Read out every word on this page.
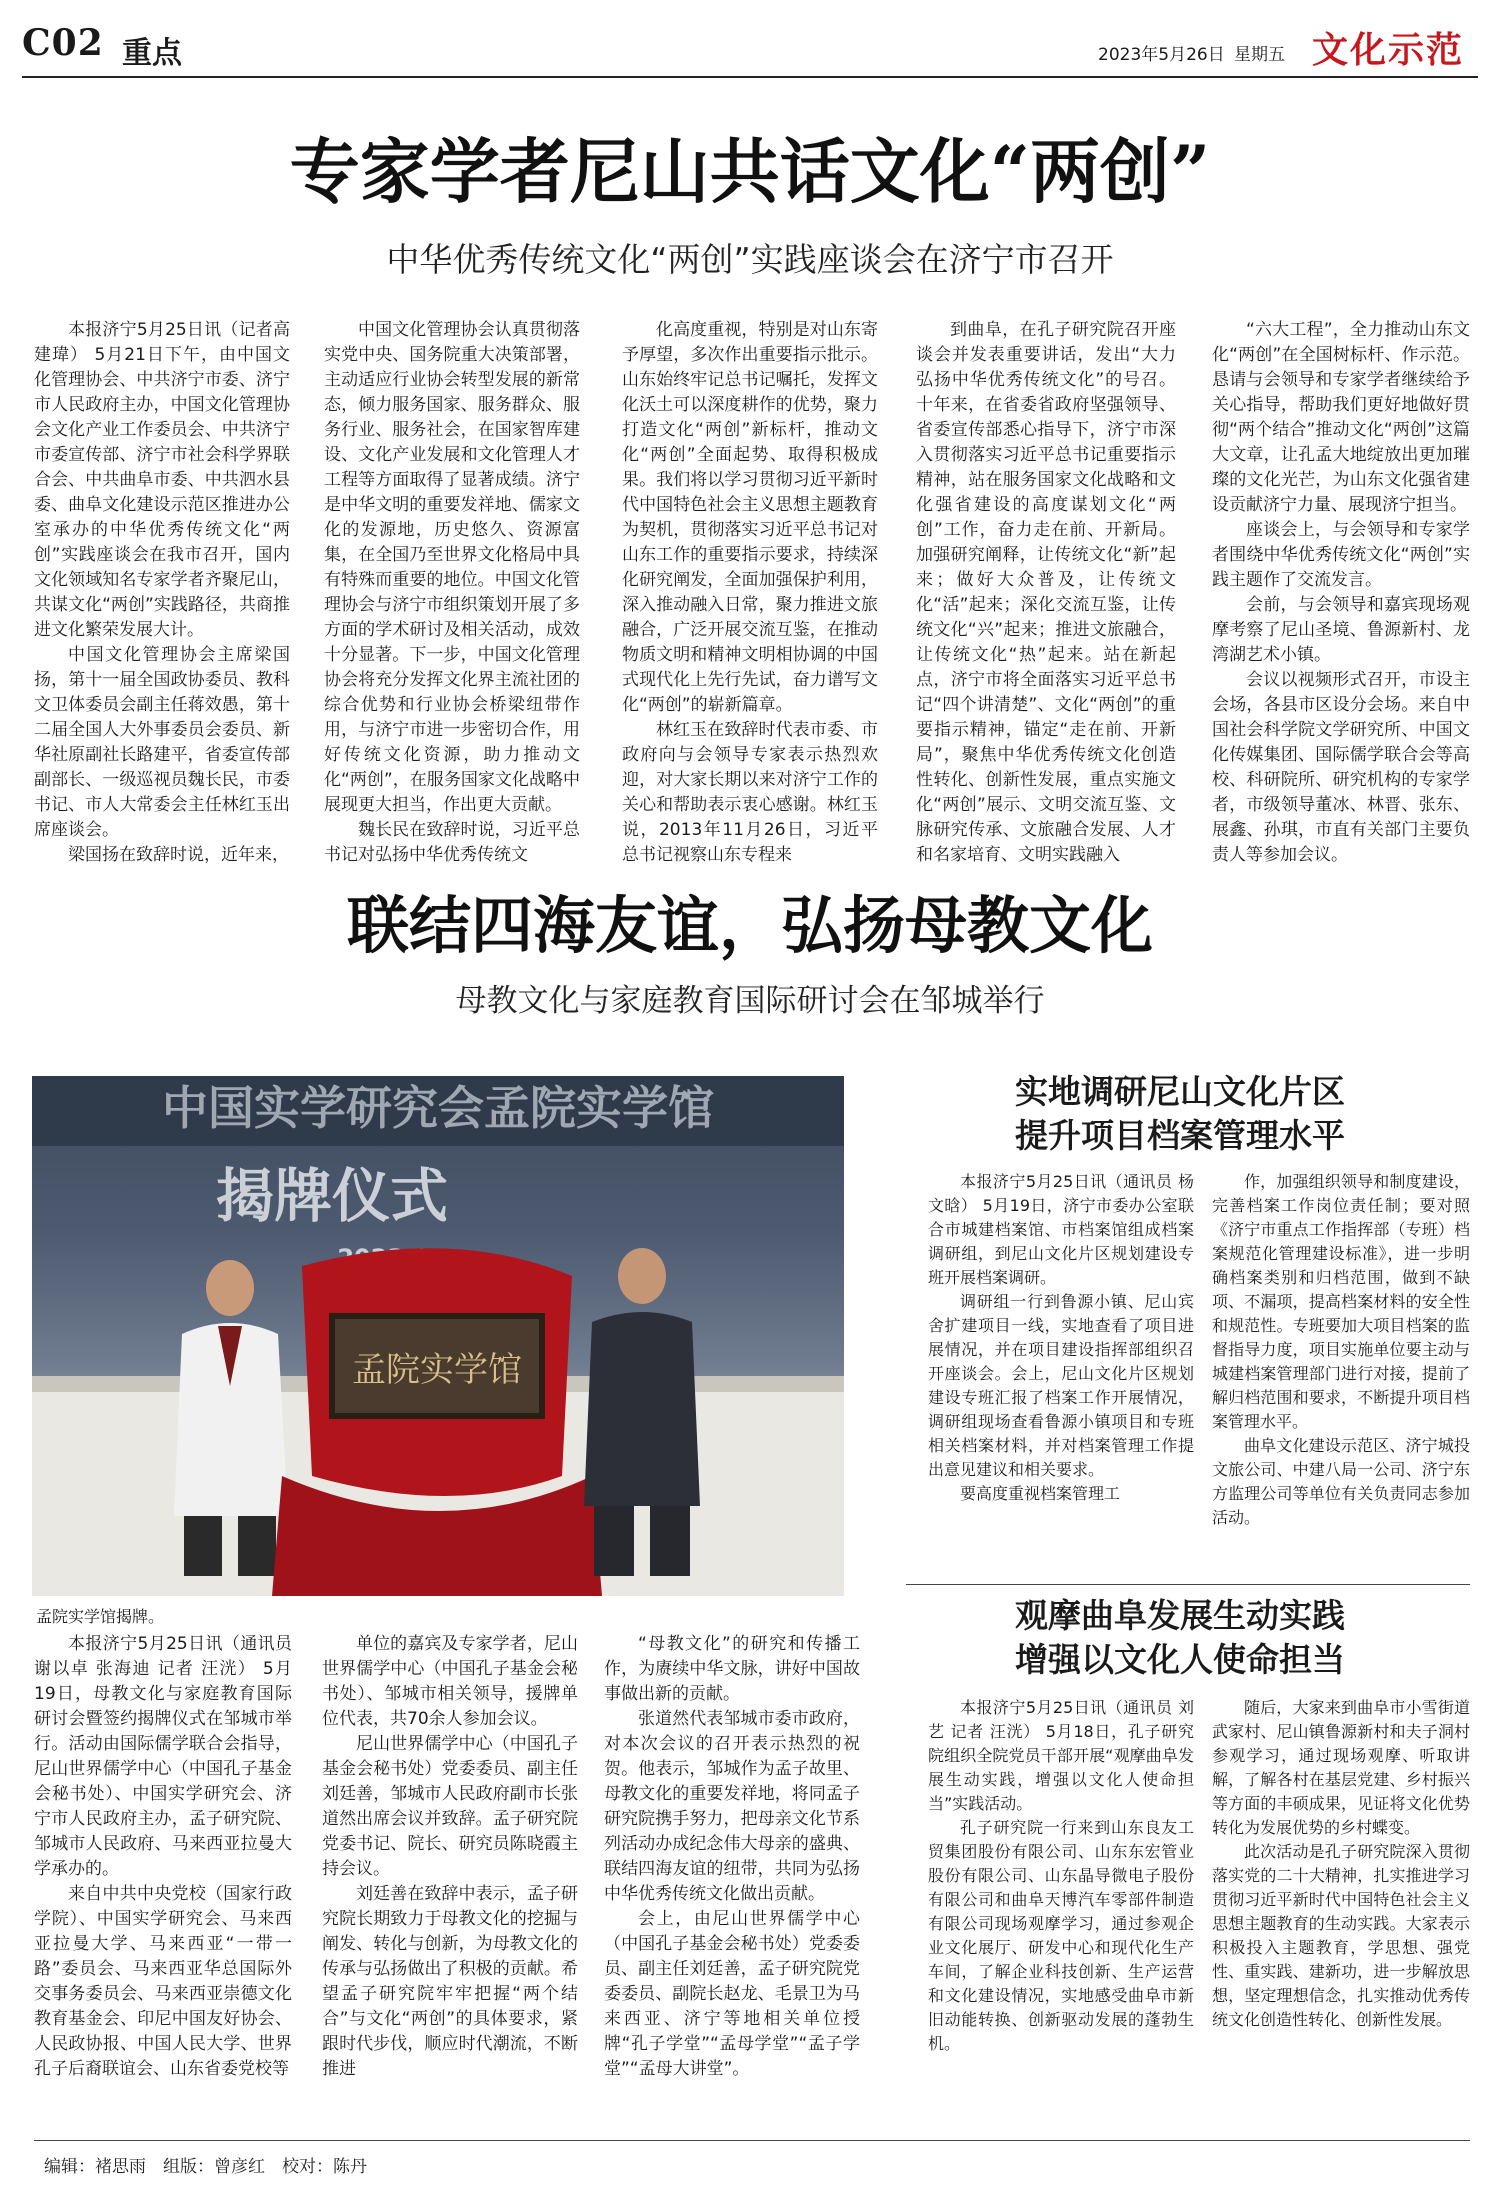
C02 重点	2023年5月26日 星期五 文化示范
专家学者尼山共话文化“两创”
中华优秀传统文化“两创”实践座谈会在济宁市召开

本报济宁5月25日讯（记者高建瑋） 5月21日下午，由中国文化管理协会、中共济宁市委、济宁市人民政府主办，中国文化管理协会文化产业工作委员会、中共济宁市委宣传部、济宁市社会科学界联合会、中共曲阜市委、中共泗水县委、曲阜文化建设示范区推进办公室承办的中华优秀传统文化“两创”实践座谈会在我市召开，国内文化领域知名专家学者齐聚尼山，共谋文化“两创”实践路径，共商推进文化繁荣发展大计。

中国文化管理协会主席梁国扬，第十一届全国政协委员、教科文卫体委员会副主任蒋效愚，第十二届全国人大外事委员会委员、新华社原副社长路建平，省委宣传部副部长、一级巡视员魏长民，市委书记、市人大常委会主任林红玉出席座谈会。

梁国扬在致辞时说，近年来，

中国文化管理协会认真贯彻落实党中央、国务院重大决策部署，主动适应行业协会转型发展的新常态，倾力服务国家、服务群众、服务行业、服务社会，在国家智库建设、文化产业发展和文化管理人才工程等方面取得了显著成绩。济宁是中华文明的重要发祥地、儒家文化的发源地，历史悠久、资源富集，在全国乃至世界文化格局中具有特殊而重要的地位。中国文化管理协会与济宁市组织策划开展了多方面的学术研讨及相关活动，成效十分显著。下一步，中国文化管理协会将充分发挥文化界主流社团的综合优势和行业协会桥梁纽带作用，与济宁市进一步密切合作，用好传统文化资源，助力推动文化“两创”，在服务国家文化战略中展现更大担当，作出更大贡献。

魏长民在致辞时说，习近平总书记对弘扬中华优秀传统文

化高度重视，特别是对山东寄予厚望，多次作出重要指示批示。山东始终牢记总书记嘱托，发挥文化沃土可以深度耕作的优势，聚力打造文化“两创”新标杆，推动文化“两创”全面起势、取得积极成果。我们将以学习贯彻习近平新时代中国特色社会主义思想主题教育为契机，贯彻落实习近平总书记对山东工作的重要指示要求，持续深化研究阐发，全面加强保护利用，深入推动融入日常，聚力推进文旅融合，广泛开展交流互鉴，在推动物质文明和精神文明相协调的中国式现代化上先行先试，奋力谱写文化“两创”的崭新篇章。

林红玉在致辞时代表市委、市政府向与会领导专家表示热烈欢迎，对大家长期以来对济宁工作的关心和帮助表示衷心感谢。林红玉说，2013年11月26日，习近平总书记视察山东专程来

到曲阜，在孔子研究院召开座谈会并发表重要讲话，发出“大力弘扬中华优秀传统文化”的号召。十年来，在省委省政府坚强领导、省委宣传部悉心指导下，济宁市深入贯彻落实习近平总书记重要指示精神，站在服务国家文化战略和文化强省建设的高度谋划文化“两创”工作，奋力走在前、开新局。加强研究阐释，让传统文化“新”起来；做好大众普及，让传统文化“活”起来；深化交流互鉴，让传统文化“兴”起来；推进文旅融合，让传统文化“热”起来。站在新起点，济宁市将全面落实习近平总书记“四个讲清楚”、文化“两创”的重要指示精神，锚定“走在前、开新局”，聚焦中华优秀传统文化创造性转化、创新性发展，重点实施文化“两创”展示、文明交流互鉴、文脉研究传承、文旅融合发展、人才和名家培育、文明实践融入

“六大工程”，全力推动山东文化“两创”在全国树标杆、作示范。恳请与会领导和专家学者继续给予关心指导，帮助我们更好地做好贯彻“两个结合”推动文化“两创”这篇大文章，让孔孟大地绽放出更加璀璨的文化光芒，为山东文化强省建设贡献济宁力量、展现济宁担当。

座谈会上，与会领导和专家学者围绕中华优秀传统文化“两创”实践主题作了交流发言。

会前，与会领导和嘉宾现场观摩考察了尼山圣境、鲁源新村、龙湾湖艺术小镇。

会议以视频形式召开，市设主会场，各县市区设分会场。来自中国社会科学院文学研究所、中国文化传媒集团、国际儒学联合会等高校、科研院所、研究机构的专家学者，市级领导董冰、林晋、张东、展鑫、孙琪，市直有关部门主要负责人等参加会议。

联结四海友谊，弘扬母教文化
母教文化与家庭教育国际研讨会在邹城举行
中国实学研究会孟院实学馆
揭牌仪式
孟院实学馆
孟院实学馆揭牌。

本报济宁5月25日讯（通讯员 谢以卓 张海迪 记者 汪洸） 5月19日，母教文化与家庭教育国际研讨会暨签约揭牌仪式在邹城市举行。活动由国际儒学联合会指导，尼山世界儒学中心（中国孔子基金会秘书处）、中国实学研究会、济宁市人民政府主办，孟子研究院、邹城市人民政府、马来西亚拉曼大学承办的。

来自中共中央党校（国家行政学院）、中国实学研究会、马来西亚拉曼大学、马来西亚“一带一路”委员会、马来西亚华总国际外交事务委员会、马来西亚崇德文化教育基金会、印尼中国友好协会、人民政协报、中国人民大学、世界孔子后裔联谊会、山东省委党校等

单位的嘉宾及专家学者，尼山世界儒学中心（中国孔子基金会秘书处）、邹城市相关领导，援牌单位代表，共70余人参加会议。

尼山世界儒学中心（中国孔子基金会秘书处）党委委员、副主任刘廷善，邹城市人民政府副市长张道然出席会议并致辞。孟子研究院党委书记、院长、研究员陈晓霞主持会议。

刘廷善在致辞中表示，孟子研究院长期致力于母教文化的挖掘与阐发、转化与创新，为母教文化的传承与弘扬做出了积极的贡献。希望孟子研究院牢牢把握“两个结合”与文化“两创”的具体要求，紧跟时代步伐，顺应时代潮流，不断推进

“母教文化”的研究和传播工作，为赓续中华文脉，讲好中国故事做出新的贡献。

张道然代表邹城市委市政府，对本次会议的召开表示热烈的祝贺。他表示，邹城作为孟子故里、母教文化的重要发祥地，将同孟子研究院携手努力，把母亲文化节系列活动办成纪念伟大母亲的盛典、联结四海友谊的纽带，共同为弘扬中华优秀传统文化做出贡献。

会上，由尼山世界儒学中心（中国孔子基金会秘书处）党委委员、副主任刘廷善，孟子研究院党委委员、副院长赵龙、毛景卫为马来西亚、济宁等地相关单位授牌“孔子学堂”“孟母学堂”“孟子学堂”“孟母大讲堂”。

实地调研尼山文化片区
提升项目档案管理水平

本报济宁5月25日讯（通讯员 杨文晗） 5月19日，济宁市委办公室联合市城建档案馆、市档案馆组成档案调研组，到尼山文化片区规划建设专班开展档案调研。

调研组一行到鲁源小镇、尼山宾舍扩建项目一线，实地查看了项目进展情况，并在项目建设指挥部组织召开座谈会。会上，尼山文化片区规划建设专班汇报了档案工作开展情况，调研组现场查看鲁源小镇项目和专班相关档案材料，并对档案管理工作提出意见建议和相关要求。

要高度重视档案管理工

作，加强组织领导和制度建设，完善档案工作岗位责任制；要对照《济宁市重点工作指挥部（专班）档案规范化管理建设标准》，进一步明确档案类别和归档范围，做到不缺项、不漏项，提高档案材料的安全性和规范性。专班要加大项目档案的监督指导力度，项目实施单位要主动与城建档案管理部门进行对接，提前了解归档范围和要求，不断提升项目档案管理水平。

曲阜文化建设示范区、济宁城投文旅公司、中建八局一公司、济宁东方监理公司等单位有关负责同志参加活动。

观摩曲阜发展生动实践
增强以文化人使命担当

本报济宁5月25日讯（通讯员 刘艺 记者 汪洸） 5月18日，孔子研究院组织全院党员干部开展“观摩曲阜发展生动实践，增强以文化人使命担当”实践活动。

孔子研究院一行来到山东良友工贸集团股份有限公司、山东东宏管业股份有限公司、山东晶导微电子股份有限公司和曲阜天博汽车零部件制造有限公司现场观摩学习，通过参观企业文化展厅、研发中心和现代化生产车间，了解企业科技创新、生产运营和文化建设情况，实地感受曲阜市新旧动能转换、创新驱动发展的蓬勃生机。

随后，大家来到曲阜市小雪街道武家村、尼山镇鲁源新村和夫子洞村参观学习，通过现场观摩、听取讲解，了解各村在基层党建、乡村振兴等方面的丰硕成果，见证将文化优势转化为发展优势的乡村蝶变。

此次活动是孔子研究院深入贯彻落实党的二十大精神，扎实推进学习贯彻习近平新时代中国特色社会主义思想主题教育的生动实践。大家表示积极投入主题教育，学思想、强党性、重实践、建新功，进一步解放思想，坚定理想信念，扎实推动优秀传统文化创造性转化、创新性发展。

编辑：褚思雨　组版：曾彦红　校对：陈丹
